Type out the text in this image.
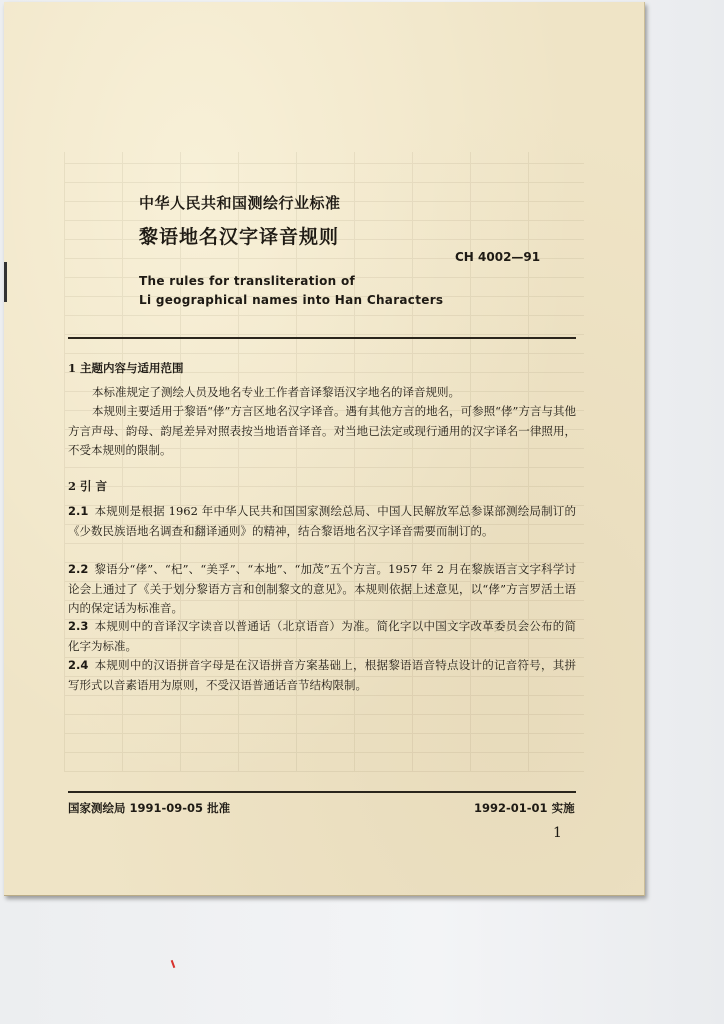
中华人民共和国测绘行业标准
黎语地名汉字译音规则
CH 4002—91
The rules for transliteration of
Li geographical names into Han Characters
1 主题内容与适用范围
本标准规定了测绘人员及地名专业工作者音译黎语汉字地名的译音规则。
本规则主要适用于黎语“侾”方言区地名汉字译音。遇有其他方言的地名，可参照“侾”方言与其他方言声母、韵母、韵尾差异对照表按当地语音译音。对当地已法定或现行通用的汉字译名一律照用，不受本规则的限制。
2 引 言
2.1 本规则是根据 1962 年中华人民共和国国家测绘总局、中国人民解放军总参谋部测绘局制订的《少数民族语地名调查和翻译通则》的精神，结合黎语地名汉字译音需要而制订的。
2.2 黎语分“侾”、“杞”、“美孚”、“本地”、“加茂”五个方言。1957 年 2 月在黎族语言文字科学讨论会上通过了《关于划分黎语方言和创制黎文的意见》。本规则依据上述意见，以“侾”方言罗活土语内的保定话为标准音。
2.3 本规则中的音译汉字读音以普通话（北京语音）为准。简化字以中国文字改革委员会公布的简化字为标准。
2.4 本规则中的汉语拼音字母是在汉语拼音方案基础上，根据黎语语音特点设计的记音符号，其拼写形式以音素语用为原则，不受汉语普通话音节结构限制。
国家测绘局 1991-09-05 批准	1992-01-01 实施
1
